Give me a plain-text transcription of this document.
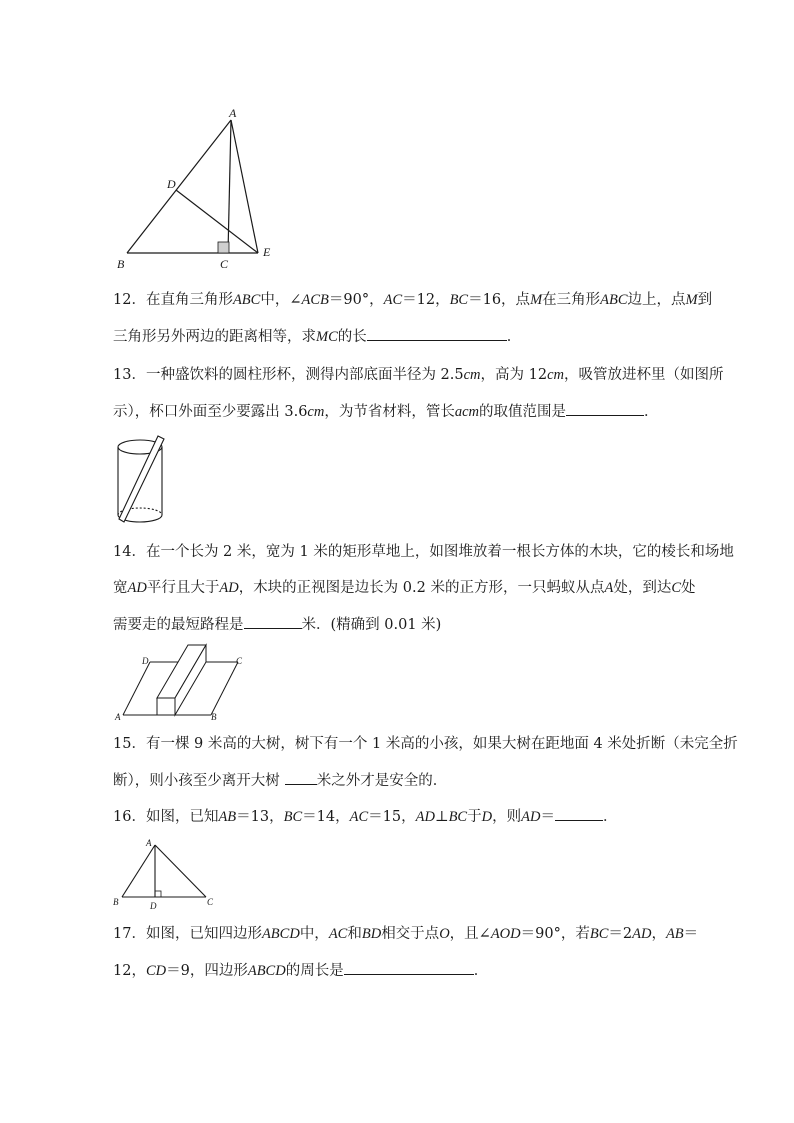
A
B	C
D
E
12．在直角三角形ABC中，∠ACB＝90°，AC＝12，BC＝16，点M在三角形ABC边上，点M到
三角形另外两边的距离相等，求MC的长	．
13．一种盛饮料的圆柱形杯，测得内部底面半径为 2.5cm，高为 12cm，吸管放进杯里（如图所
示），杯口外面至少要露出 3.6cm，为节省材料，管长acm的取值范围是	．
14．在一个长为 2 米，宽为 1 米的矩形草地上，如图堆放着一根长方体的木块，它的棱长和场地
宽AD平行且大于AD，木块的正视图是边长为 0.2 米的正方形，一只蚂蚁从点A处，到达C处
需要走的最短路程是	米．(精确到 0.01 米)
D	C
A	B
15．有一棵 9 米高的大树，树下有一个 1 米高的小孩，如果大树在距地面 4 米处折断（未完全折
断），则小孩至少离开大树	米之外才是安全的．
16．如图，已知AB＝13，BC＝14，AC＝15，AD⊥BC于D，则AD＝	．
A
B	C
D
17．如图，已知四边形ABCD中，AC和BD相交于点O，且∠AOD＝90°，若BC＝2AD，AB＝
12，CD＝9，四边形ABCD的周长是	．
